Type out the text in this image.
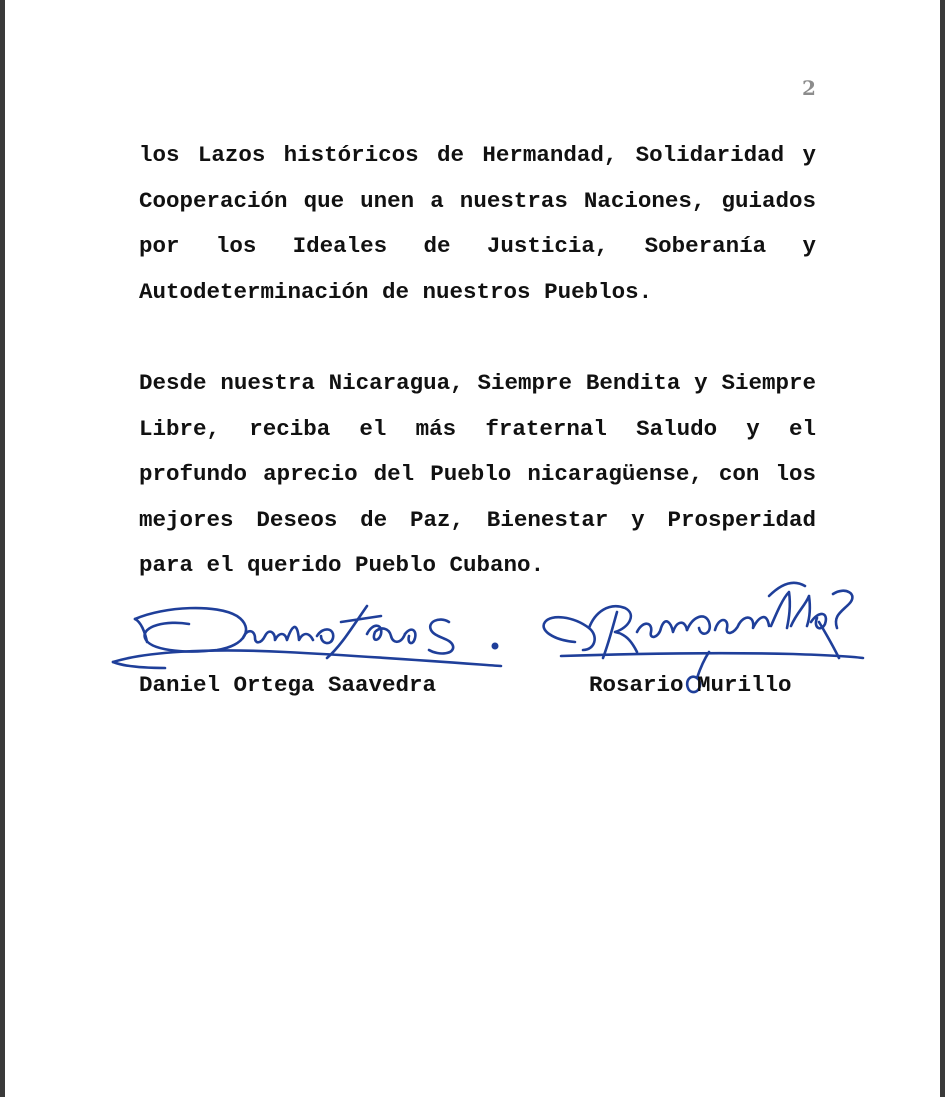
2

los Lazos históricos de Hermandad, Solidaridad y Cooperación que unen a nuestras Naciones, guiados por los Ideales de Justicia, Soberanía y Autodeterminación de nuestros Pueblos.

Desde nuestra Nicaragua, Siempre Bendita y Siempre Libre, reciba el más fraternal Saludo y el profundo aprecio del Pueblo nicaragüense, con los mejores Deseos de Paz, Bienestar y Prosperidad para el querido Pueblo Cubano.

Daniel Ortega Saavedra	Rosario Murillo
